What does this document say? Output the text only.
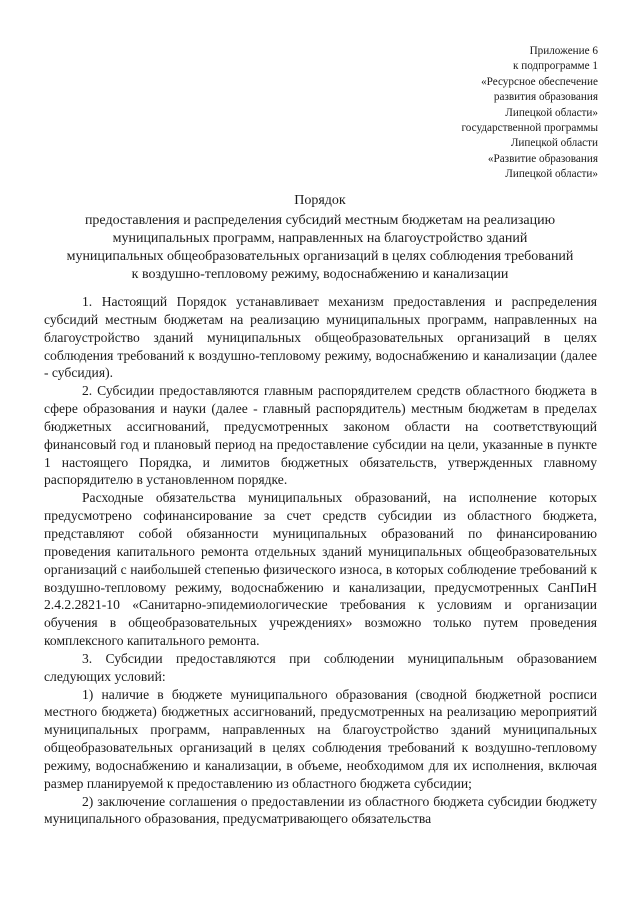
Приложение 6
к подпрограмме 1
«Ресурсное обеспечение
развития образования
Липецкой области»
государственной программы
Липецкой области
«Развитие образования
Липецкой области»
Порядок
предоставления и распределения субсидий местным бюджетам на реализацию
муниципальных программ, направленных на благоустройство зданий
муниципальных общеобразовательных организаций в целях соблюдения требований
к воздушно-тепловому режиму, водоснабжению и канализации

1. Настоящий Порядок устанавливает механизм предоставления и распределения субсидий местным бюджетам на реализацию муниципальных программ, направленных на благоустройство зданий муниципальных общеобразовательных организаций в целях соблюдения требований к воздушно-тепловому режиму, водоснабжению и канализации (далее - субсидия).

2. Субсидии предоставляются главным распорядителем средств областного бюджета в сфере образования и науки (далее - главный распорядитель) местным бюджетам в пределах бюджетных ассигнований, предусмотренных законом области на соответствующий финансовый год и плановый период на предоставление субсидии на цели, указанные в пункте 1 настоящего Порядка, и лимитов бюджетных обязательств, утвержденных главному распорядителю в установленном порядке.

Расходные обязательства муниципальных образований, на исполнение которых предусмотрено софинансирование за счет средств субсидии из областного бюджета, представляют собой обязанности муниципальных образований по финансированию проведения капитального ремонта отдельных зданий муниципальных общеобразовательных организаций с наибольшей степенью физического износа, в которых соблюдение требований к воздушно-тепловому режиму, водоснабжению и канализации, предусмотренных СанПиН 2.4.2.2821-10 «Санитарно-эпидемиологические требования к условиям и организации обучения в общеобразовательных учреждениях» возможно только путем проведения комплексного капитального ремонта.

3. Субсидии предоставляются при соблюдении муниципальным образованием следующих условий:

1) наличие в бюджете муниципального образования (сводной бюджетной росписи местного бюджета) бюджетных ассигнований, предусмотренных на реализацию мероприятий муниципальных программ, направленных на благоустройство зданий муниципальных общеобразовательных организаций в целях соблюдения требований к воздушно-тепловому режиму, водоснабжению и канализации, в объеме, необходимом для их исполнения, включая размер планируемой к предоставлению из областного бюджета субсидии;

2) заключение соглашения о предоставлении из областного бюджета субсидии бюджету муниципального образования, предусматривающего обязательства
